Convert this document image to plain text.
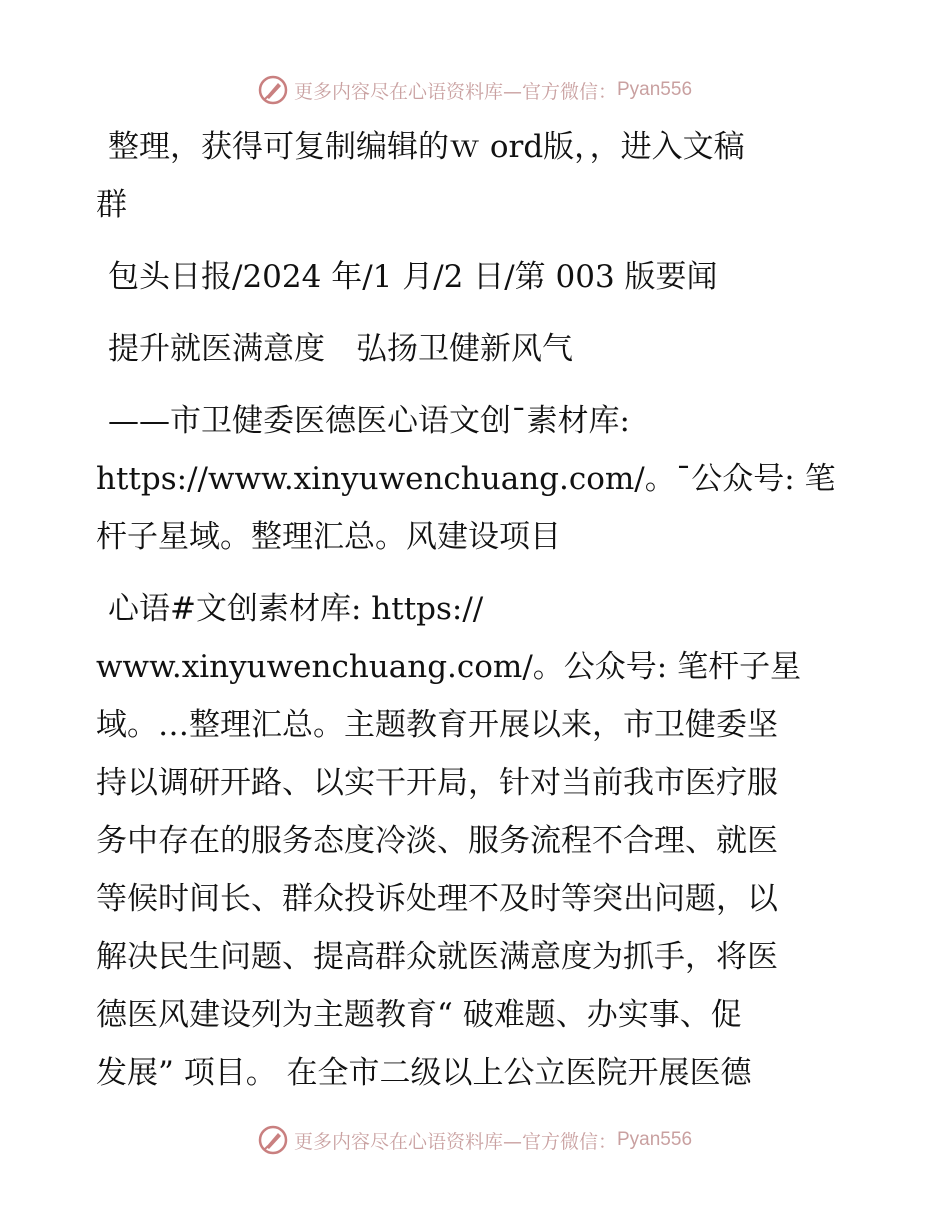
更多内容尽在心语资料库—官方微信： Pyan556
整理，获得可复制编辑的ｗ ord版，，进入文稿
群
包头日报/2024 年/1 月/2 日/第 003 版要闻
提升就医满意度　弘扬卫健新风气
——市卫健委医德医心语文创¯素材库:
https://www.xinyuwenchuang.com/。¯公众号: 笔
杆子星域。整理汇总。风建设项目
心语#文创素材库: https://
www.xinyuwenchuang.com/。公众号: 笔杆子星
域。…整理汇总。主题教育开展以来，市卫健委坚
持以调研开路、以实干开局，针对当前我市医疗服
务中存在的服务态度冷淡、服务流程不合理、就医
等候时间长、群众投诉处理不及时等突出问题，以
解决民生问题、提高群众就医满意度为抓手，将医
德医风建设列为主题教育“ 破难题、办实事、促
发展” 项目。 在全市二级以上公立医院开展医德
更多内容尽在心语资料库—官方微信： Pyan556
